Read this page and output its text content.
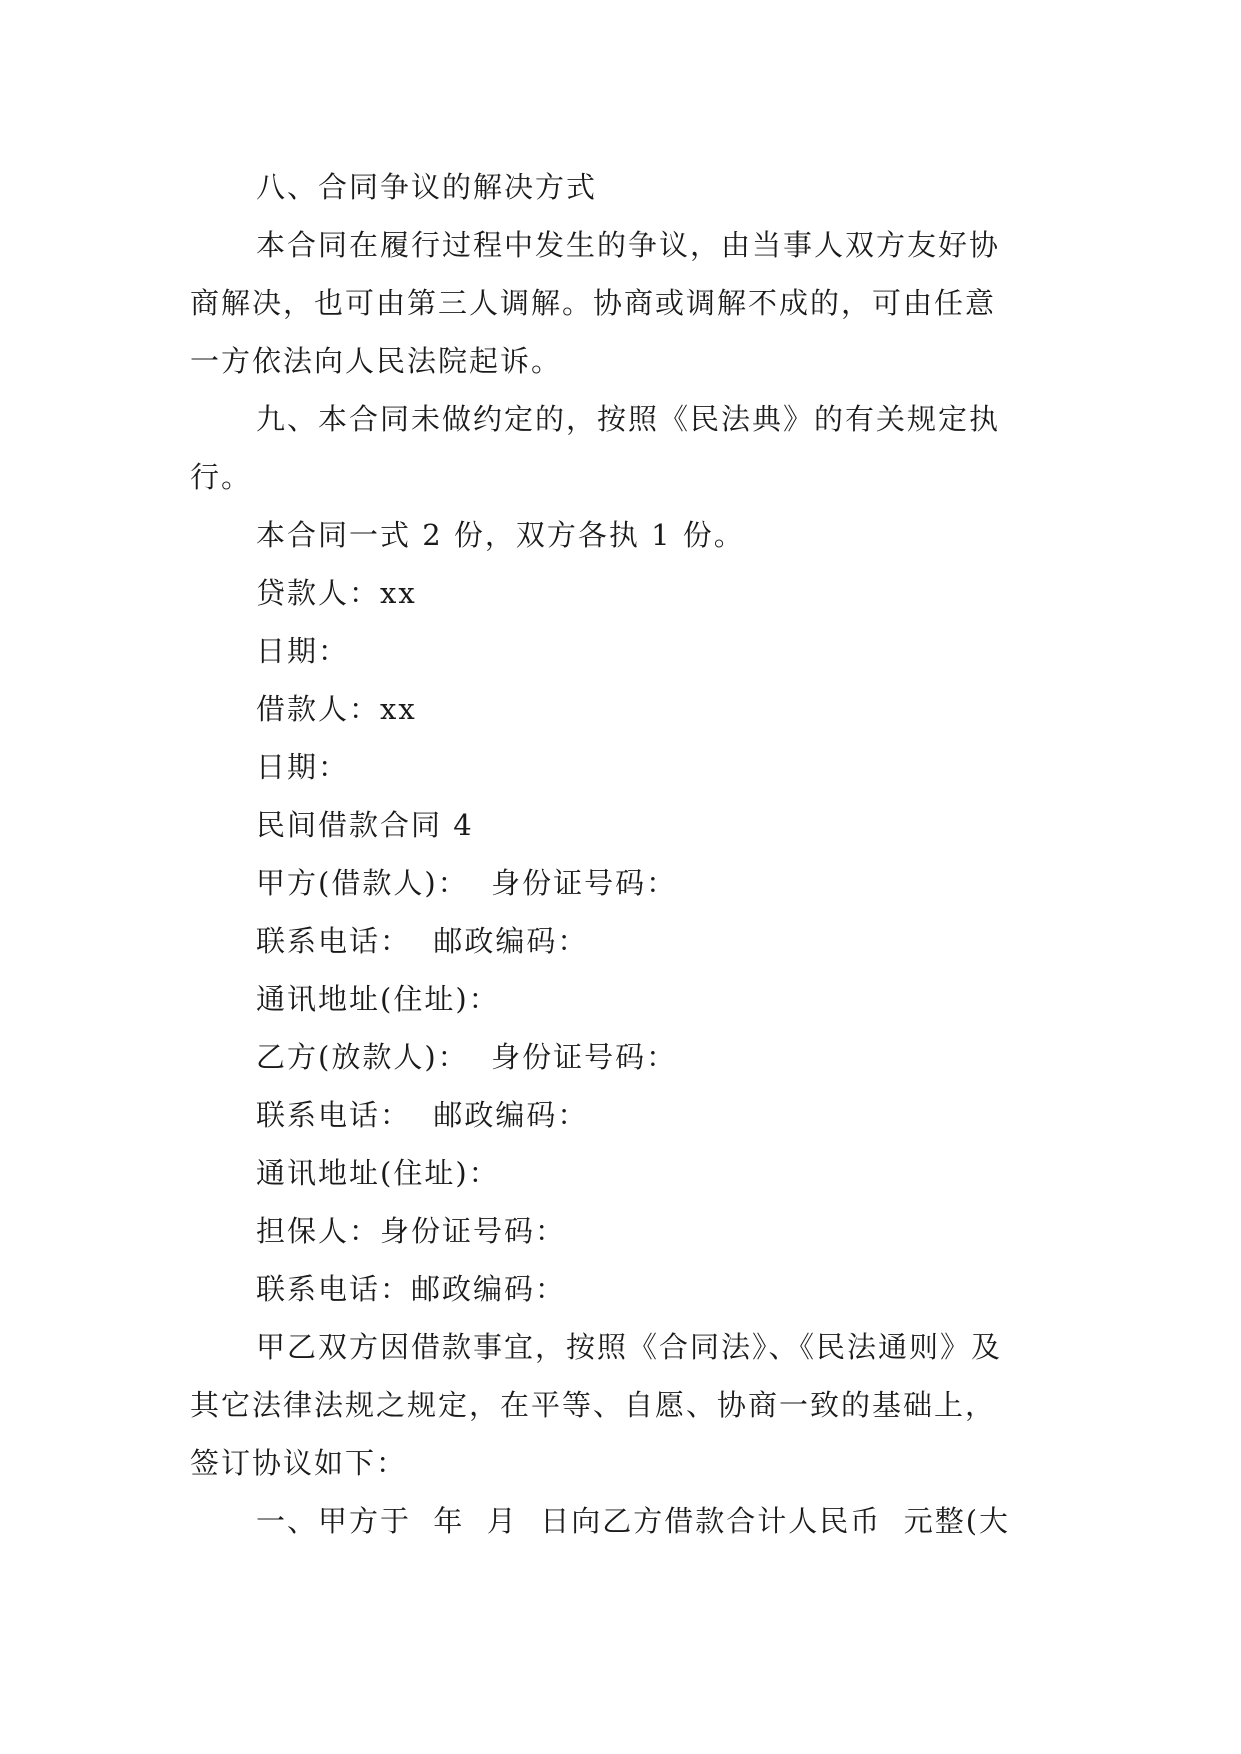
八、合同争议的解决方式
本合同在履行过程中发生的争议，由当事人双方友好协
商解决，也可由第三人调解。协商或调解不成的，可由任意
一方依法向人民法院起诉。
九、本合同未做约定的，按照《民法典》的有关规定执
行。
本合同一式 2 份，双方各执 1 份。
贷款人：xx
日期：
借款人：xx
日期：
民间借款合同 4
甲方(借款人)：  身份证号码：
联系电话：  邮政编码：
通讯地址(住址)：
乙方(放款人)：  身份证号码：
联系电话：  邮政编码：
通讯地址(住址)：
担保人：身份证号码：
联系电话：邮政编码：
甲乙双方因借款事宜，按照《合同法》、《民法通则》及
其它法律法规之规定，在平等、自愿、协商一致的基础上，
签订协议如下：
一、甲方于  年  月  日向乙方借款合计人民币  元整(大
